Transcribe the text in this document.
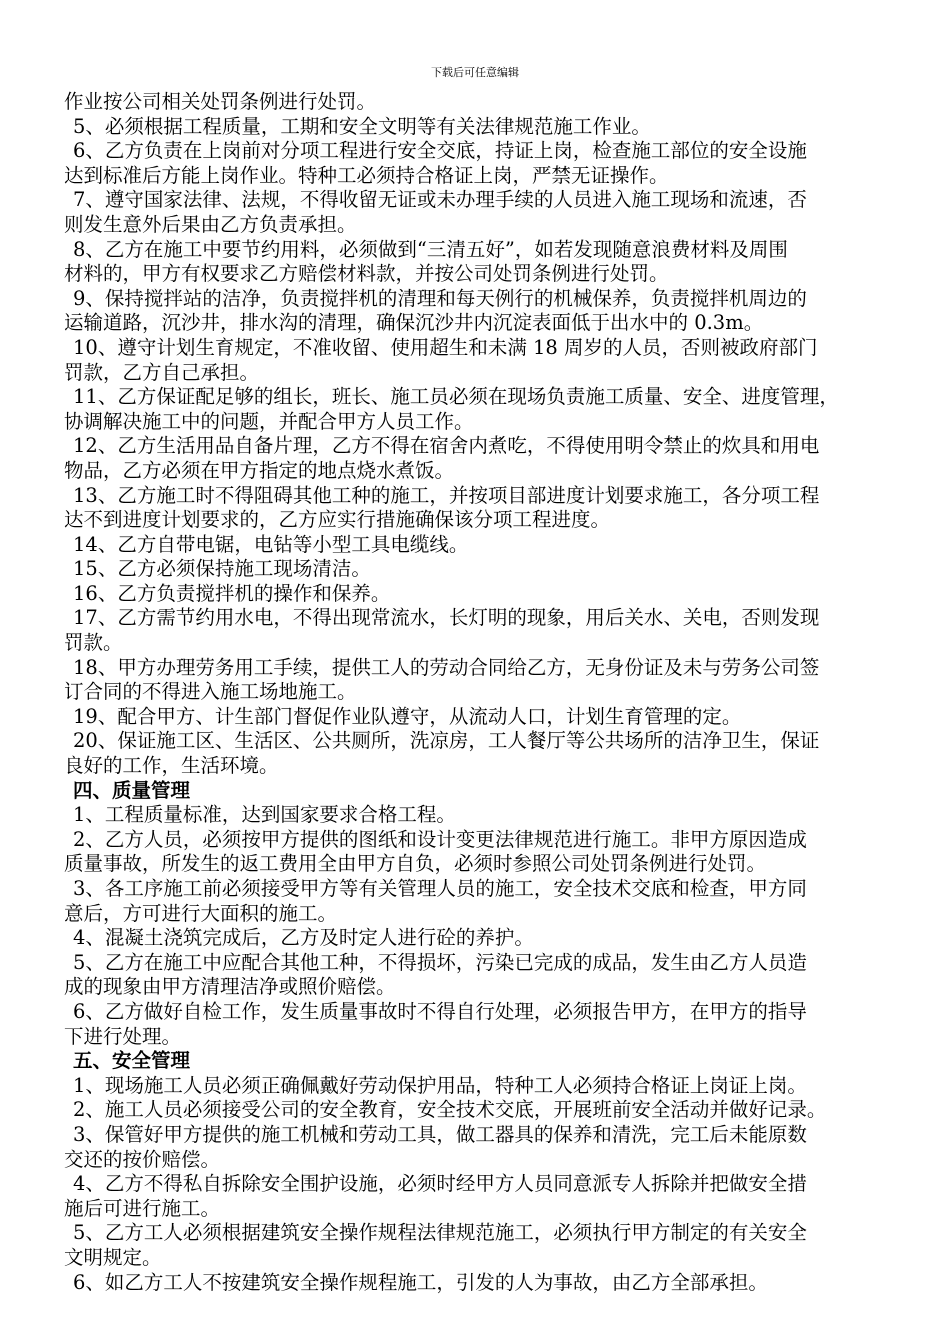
下载后可任意编辑
作业按公司相关处罚条例进行处罚。
5、必须根据工程质量，工期和安全文明等有关法律规范施工作业。
6、乙方负责在上岗前对分项工程进行安全交底，持证上岗，检查施工部位的安全设施
达到标准后方能上岗作业。特种工必须持合格证上岗，严禁无证操作。
7、遵守国家法律、法规，不得收留无证或未办理手续的人员进入施工现场和流速，否
则发生意外后果由乙方负责承担。
8、乙方在施工中要节约用料，必须做到“三清五好”，如若发现随意浪费材料及周围
材料的，甲方有权要求乙方赔偿材料款，并按公司处罚条例进行处罚。
9、保持搅拌站的洁净，负责搅拌机的清理和每天例行的机械保养，负责搅拌机周边的
运输道路，沉沙井，排水沟的清理，确保沉沙井内沉淀表面低于出水中的 0.3m。
10、遵守计划生育规定，不准收留、使用超生和未满 18 周岁的人员，否则被政府部门
罚款，乙方自己承担。
11、乙方保证配足够的组长，班长、施工员必须在现场负责施工质量、安全、进度管理，
协调解决施工中的问题，并配合甲方人员工作。
12、乙方生活用品自备片理，乙方不得在宿舍内煮吃，不得使用明令禁止的炊具和用电
物品，乙方必须在甲方指定的地点烧水煮饭。
13、乙方施工时不得阻碍其他工种的施工，并按项目部进度计划要求施工，各分项工程
达不到进度计划要求的，乙方应实行措施确保该分项工程进度。
14、乙方自带电锯，电钻等小型工具电缆线。
15、乙方必须保持施工现场清洁。
16、乙方负责搅拌机的操作和保养。
17、乙方需节约用水电，不得出现常流水，长灯明的现象，用后关水、关电，否则发现
罚款。
18、甲方办理劳务用工手续，提供工人的劳动合同给乙方，无身份证及未与劳务公司签
订合同的不得进入施工场地施工。
19、配合甲方、计生部门督促作业队遵守，从流动人口，计划生育管理的定。
20、保证施工区、生活区、公共厕所，洗凉房，工人餐厅等公共场所的洁净卫生，保证
良好的工作，生活环境。
四、质量管理
1、工程质量标准，达到国家要求合格工程。
2、乙方人员，必须按甲方提供的图纸和设计变更法律规范进行施工。非甲方原因造成
质量事故，所发生的返工费用全由甲方自负，必须时参照公司处罚条例进行处罚。
3、各工序施工前必须接受甲方等有关管理人员的施工，安全技术交底和检查，甲方同
意后，方可进行大面积的施工。
4、混凝土浇筑完成后，乙方及时定人进行砼的养护。
5、乙方在施工中应配合其他工种，不得损坏，污染已完成的成品，发生由乙方人员造
成的现象由甲方清理洁净或照价赔偿。
6、乙方做好自检工作，发生质量事故时不得自行处理，必须报告甲方，在甲方的指导
下进行处理。
五、安全管理
1、现场施工人员必须正确佩戴好劳动保护用品，特种工人必须持合格证上岗证上岗。
2、施工人员必须接受公司的安全教育，安全技术交底，开展班前安全活动并做好记录。
3、保管好甲方提供的施工机械和劳动工具，做工器具的保养和清洗，完工后未能原数
交还的按价赔偿。
4、乙方不得私自拆除安全围护设施，必须时经甲方人员同意派专人拆除并把做安全措
施后可进行施工。
5、乙方工人必须根据建筑安全操作规程法律规范施工，必须执行甲方制定的有关安全
文明规定。
6、如乙方工人不按建筑安全操作规程施工，引发的人为事故，由乙方全部承担。
